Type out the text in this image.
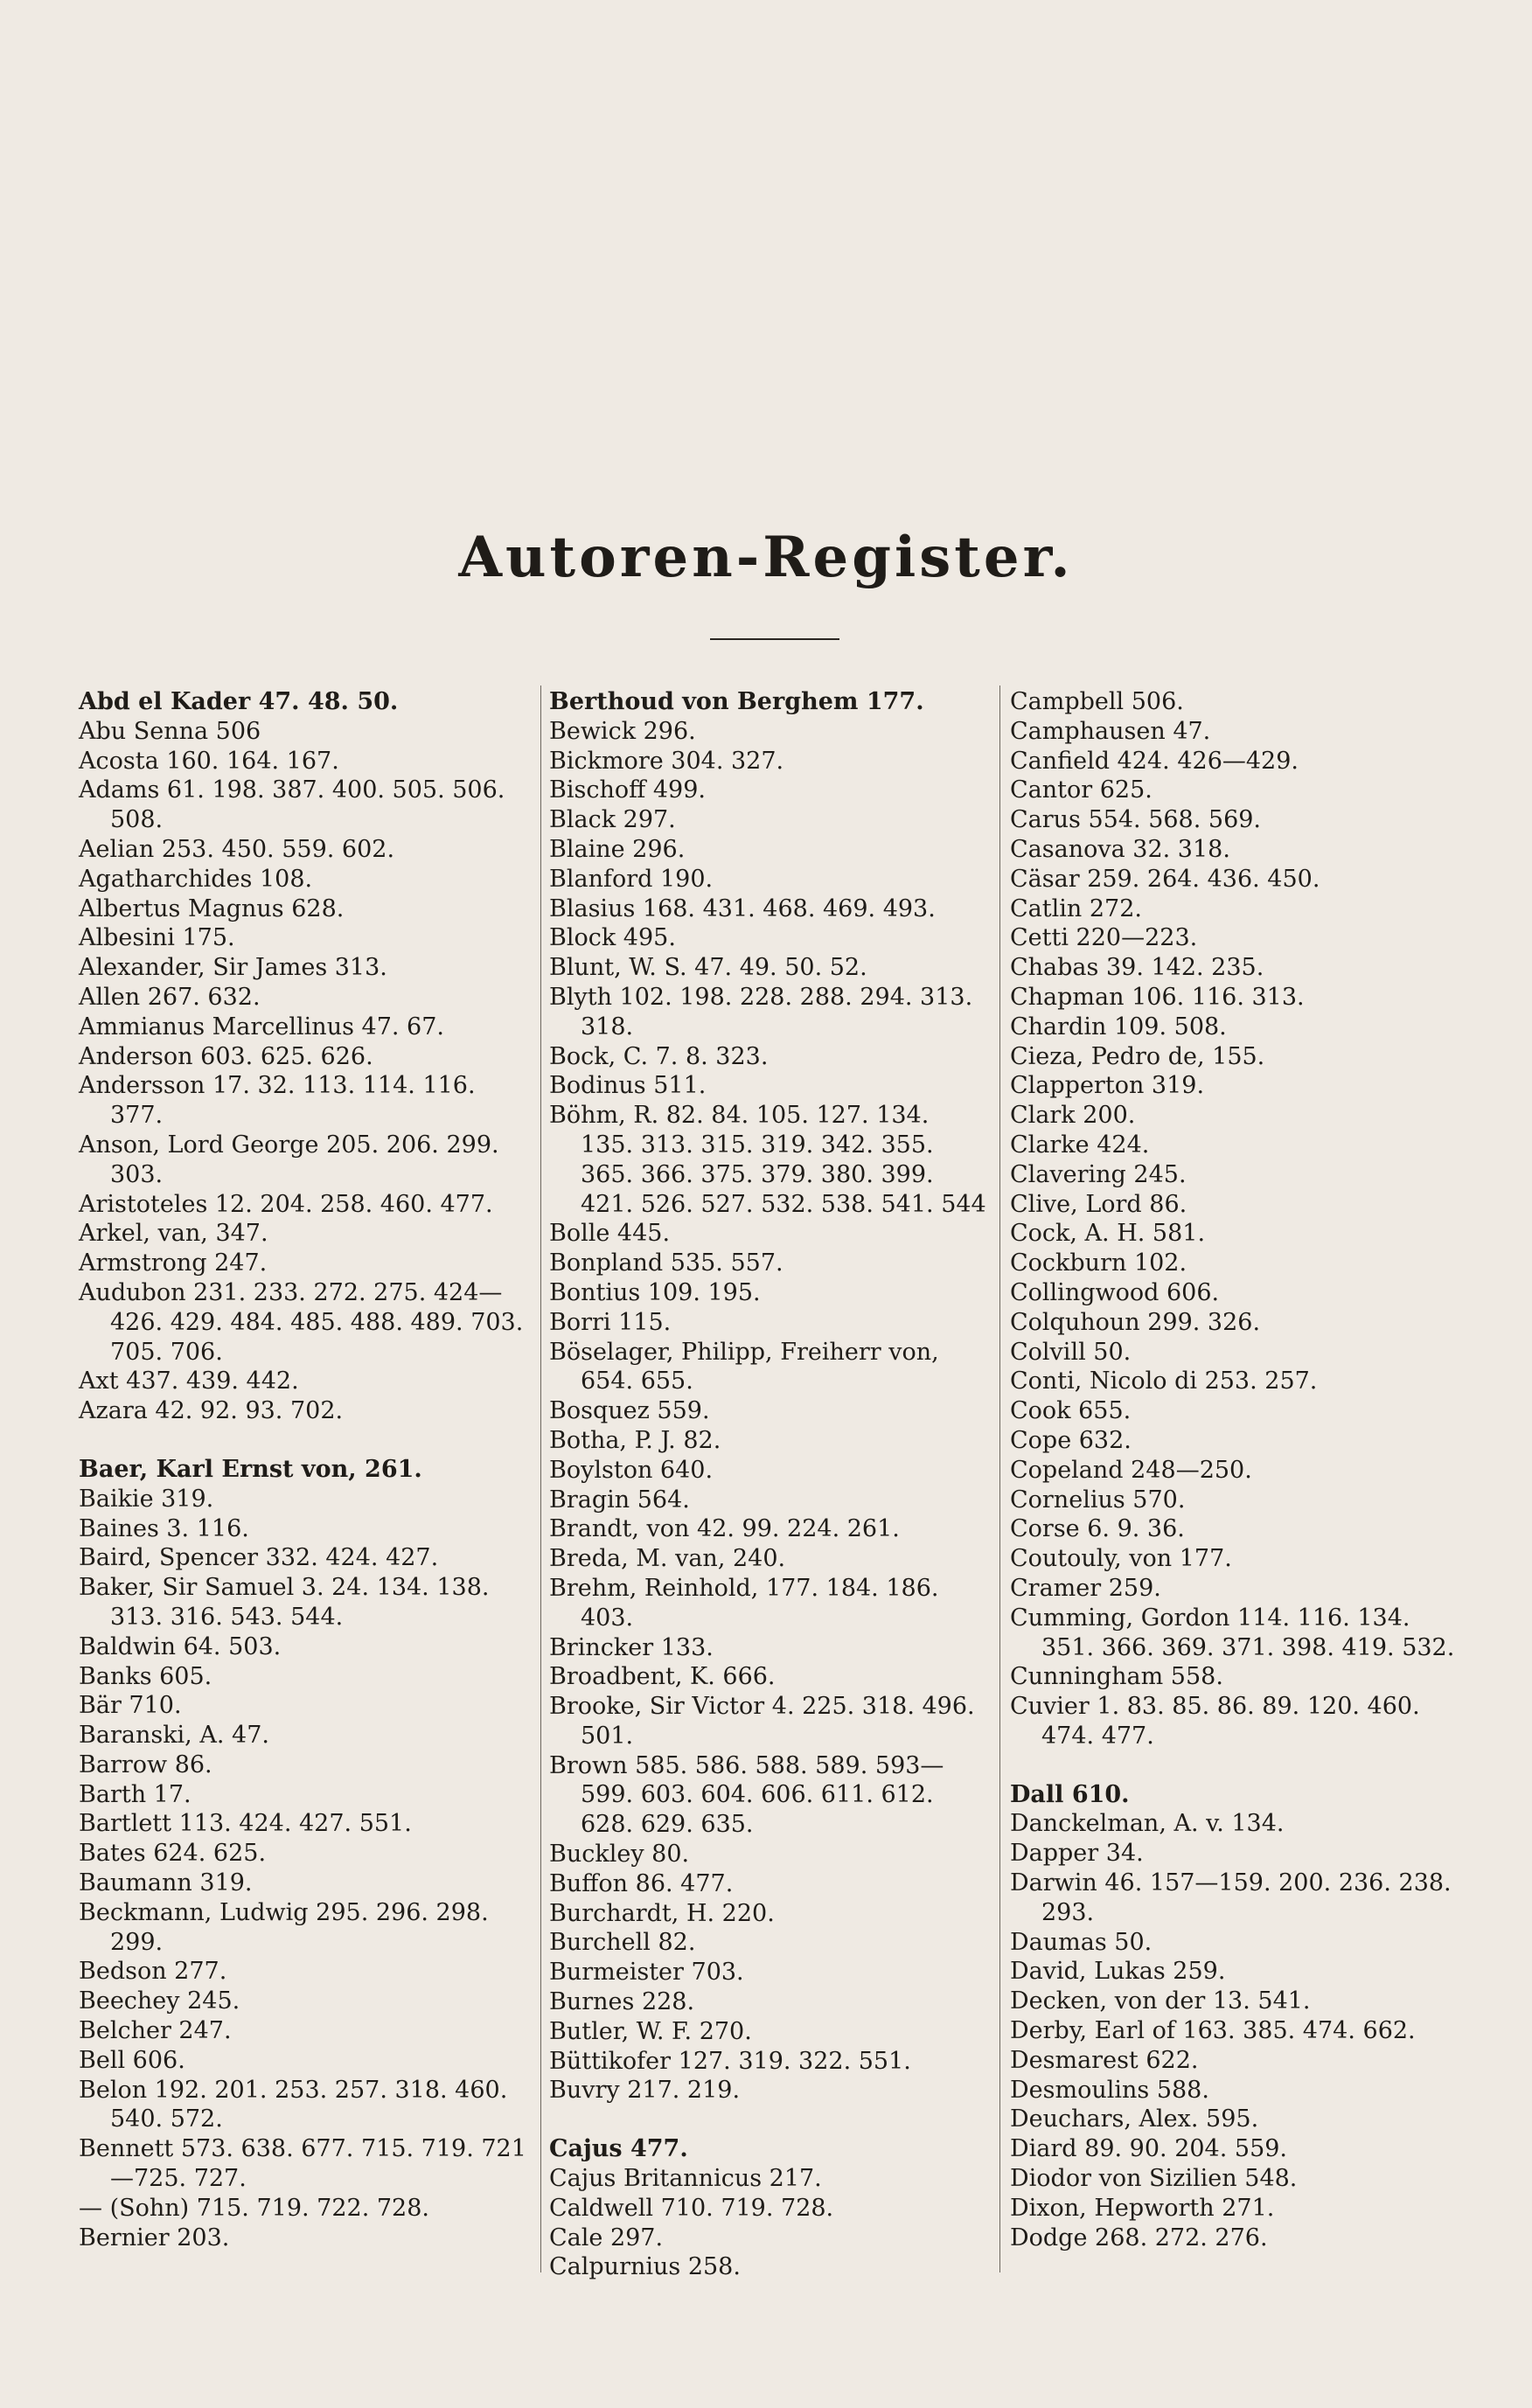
Autoren-Register.
Abd el Kader 47. 48. 50.
Abu Senna 506
Acosta 160. 164. 167.
Adams 61. 198. 387. 400. 505. 506. 508.
Aelian 253. 450. 559. 602.
Agatharchides 108.
Albertus Magnus 628.
Albesini 175.
Alexander, Sir James 313.
Allen 267. 632.
Ammianus Marcellinus 47. 67.
Anderson 603. 625. 626.
Andersson 17. 32. 113. 114. 116. 377.
Anson, Lord George 205. 206. 299. 303.
Aristoteles 12. 204. 258. 460. 477.
Arkel, van, 347.
Armstrong 247.
Audubon 231. 233. 272. 275. 424—426. 429. 484. 485. 488. 489. 703. 705. 706.
Axt 437. 439. 442.
Azara 42. 92. 93. 702.
Baer, Karl Ernst von, 261.
Baikie 319.
Baines 3. 116.
Baird, Spencer 332. 424. 427.
Baker, Sir Samuel 3. 24. 134. 138. 313. 316. 543. 544.
Baldwin 64. 503.
Banks 605.
Bär 710.
Baranski, A. 47.
Barrow 86.
Barth 17.
Bartlett 113. 424. 427. 551.
Bates 624. 625.
Baumann 319.
Beckmann, Ludwig 295. 296. 298. 299.
Bedson 277.
Beechey 245.
Belcher 247.
Bell 606.
Belon 192. 201. 253. 257. 318. 460. 540. 572.
Bennett 573. 638. 677. 715. 719. 721—725. 727.
— (Sohn) 715. 719. 722. 728.
Bernier 203.
Berthoud von Berghem 177.
Bewick 296.
Bickmore 304. 327.
Bischoff 499.
Black 297.
Blaine 296.
Blanford 190.
Blasius 168. 431. 468. 469. 493.
Block 495.
Blunt, W. S. 47. 49. 50. 52.
Blyth 102. 198. 228. 288. 294. 313. 318.
Bock, C. 7. 8. 323.
Bodinus 511.
Böhm, R. 82. 84. 105. 127. 134. 135. 313. 315. 319. 342. 355. 365. 366. 375. 379. 380. 399. 421. 526. 527. 532. 538. 541. 544
Bolle 445.
Bonpland 535. 557.
Bontius 109. 195.
Borri 115.
Böselager, Philipp, Freiherr von, 654. 655.
Bosquez 559.
Botha, P. J. 82.
Boylston 640.
Bragin 564.
Brandt, von 42. 99. 224. 261.
Breda, M. van, 240.
Brehm, Reinhold, 177. 184. 186. 403.
Brincker 133.
Broadbent, K. 666.
Brooke, Sir Victor 4. 225. 318. 496. 501.
Brown 585. 586. 588. 589. 593—599. 603. 604. 606. 611. 612. 628. 629. 635.
Buckley 80.
Buffon 86. 477.
Burchardt, H. 220.
Burchell 82.
Burmeister 703.
Burnes 228.
Butler, W. F. 270.
Büttikofer 127. 319. 322. 551.
Buvry 217. 219.
Cajus 477.
Cajus Britannicus 217.
Caldwell 710. 719. 728.
Cale 297.
Calpurnius 258.
Campbell 506.
Camphausen 47.
Canfield 424. 426—429.
Cantor 625.
Carus 554. 568. 569.
Casanova 32. 318.
Cäsar 259. 264. 436. 450.
Catlin 272.
Cetti 220—223.
Chabas 39. 142. 235.
Chapman 106. 116. 313.
Chardin 109. 508.
Cieza, Pedro de, 155.
Clapperton 319.
Clark 200.
Clarke 424.
Clavering 245.
Clive, Lord 86.
Cock, A. H. 581.
Cockburn 102.
Collingwood 606.
Colquhoun 299. 326.
Colvill 50.
Conti, Nicolo di 253. 257.
Cook 655.
Cope 632.
Copeland 248—250.
Cornelius 570.
Corse 6. 9. 36.
Coutouly, von 177.
Cramer 259.
Cumming, Gordon 114. 116. 134. 351. 366. 369. 371. 398. 419. 532.
Cunningham 558.
Cuvier 1. 83. 85. 86. 89. 120. 460. 474. 477.
Dall 610.
Danckelman, A. v. 134.
Dapper 34.
Darwin 46. 157—159. 200. 236. 238. 293.
Daumas 50.
David, Lukas 259.
Decken, von der 13. 541.
Derby, Earl of 163. 385. 474. 662.
Desmarest 622.
Desmoulins 588.
Deuchars, Alex. 595.
Diard 89. 90. 204. 559.
Diodor von Sizilien 548.
Dixon, Hepworth 271.
Dodge 268. 272. 276.
